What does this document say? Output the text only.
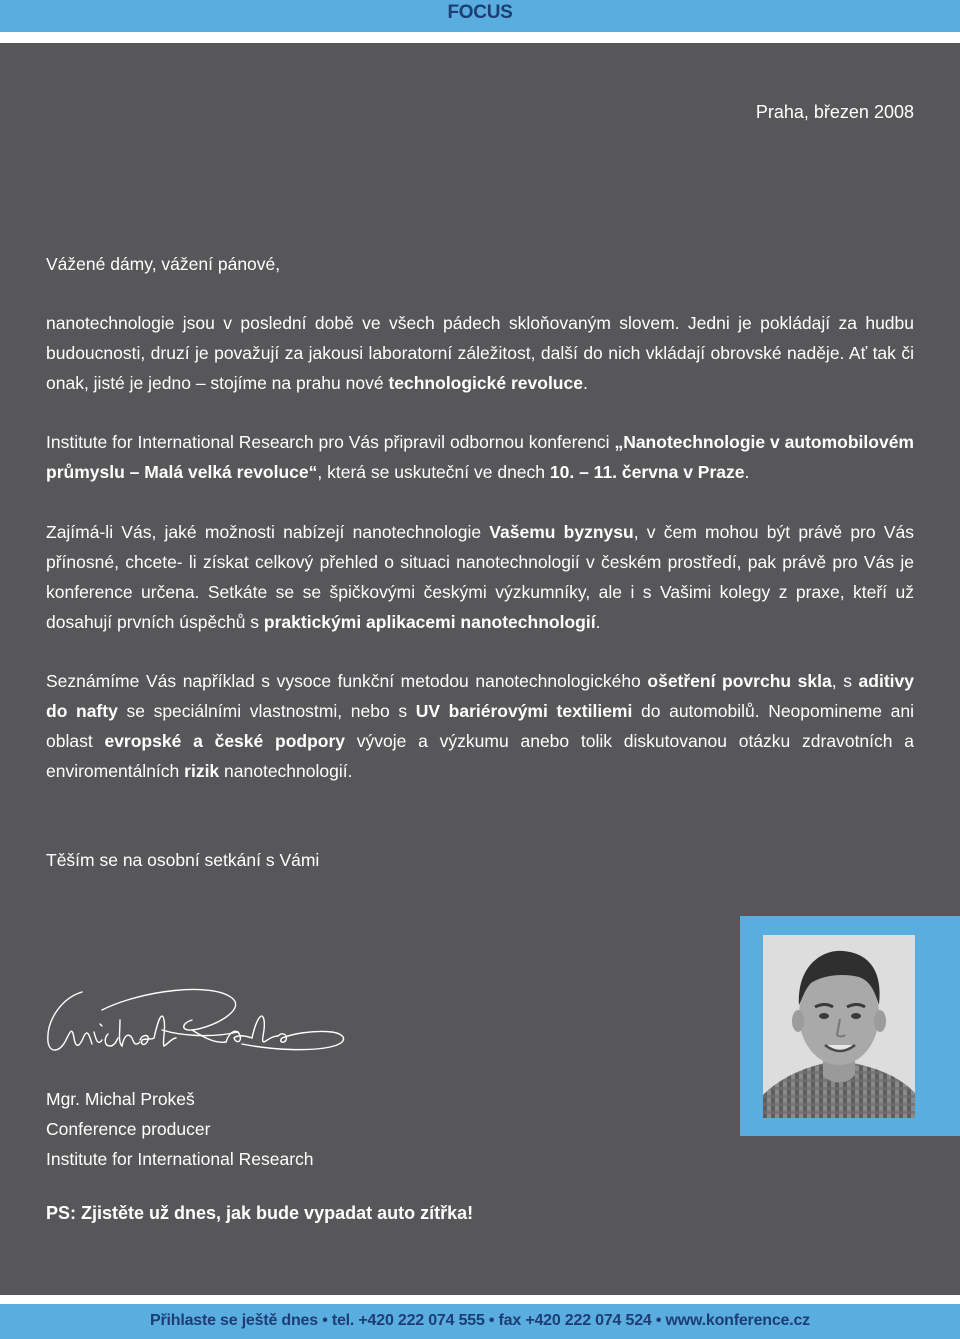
FOCUS
Praha, březen 2008
Vážené dámy, vážení pánové,
nanotechnologie jsou v poslední době ve všech pádech skloňovaným slovem. Jedni je pokládají za hudbu budoucnosti, druzí je považují za jakousi laboratorní záležitost, další do nich vkládají obrovské naděje. Ať tak či onak, jisté je jedno – stojíme na prahu nové technologické revoluce.
Institute for International Research pro Vás připravil odbornou konferenci „Nanotechnologie v automobilovém průmyslu – Malá velká revoluce“, která se uskuteční ve dnech 10. – 11. června v Praze.
Zajímá-li Vás, jaké možnosti nabízejí nanotechnologie Vašemu byznysu, v čem mohou být právě pro Vás přínosné, chcete- li získat celkový přehled o situaci nanotechnologií v českém prostředí, pak právě pro Vás je konference určena. Setkáte se se špičkovými českými výzkumníky, ale i s Vašimi kolegy z praxe, kteří už dosahují prvních úspěchů s praktickými aplikacemi nanotechnologií.
Seznámíme Vás například s vysoce funkční metodou nanotechnologického ošetření povrchu skla, s aditivy do nafty se speciálními vlastnostmi, nebo s UV bariérovými textiliemi do automobilů. Neopomineme ani oblast evropské a české podpory vývoje a výzkumu anebo tolik diskutovanou otázku zdravotních a enviromentálních rizik nanotechnologií.
Těším se na osobní setkání s Vámi
Mgr. Michal Prokeš
Conference producer
Institute for International Research
PS: Zjistěte už dnes, jak bude vypadat auto zítřka!
Přihlaste se ještě dnes • tel. +420 222 074 555 • fax +420 222 074 524 • www.konference.cz
